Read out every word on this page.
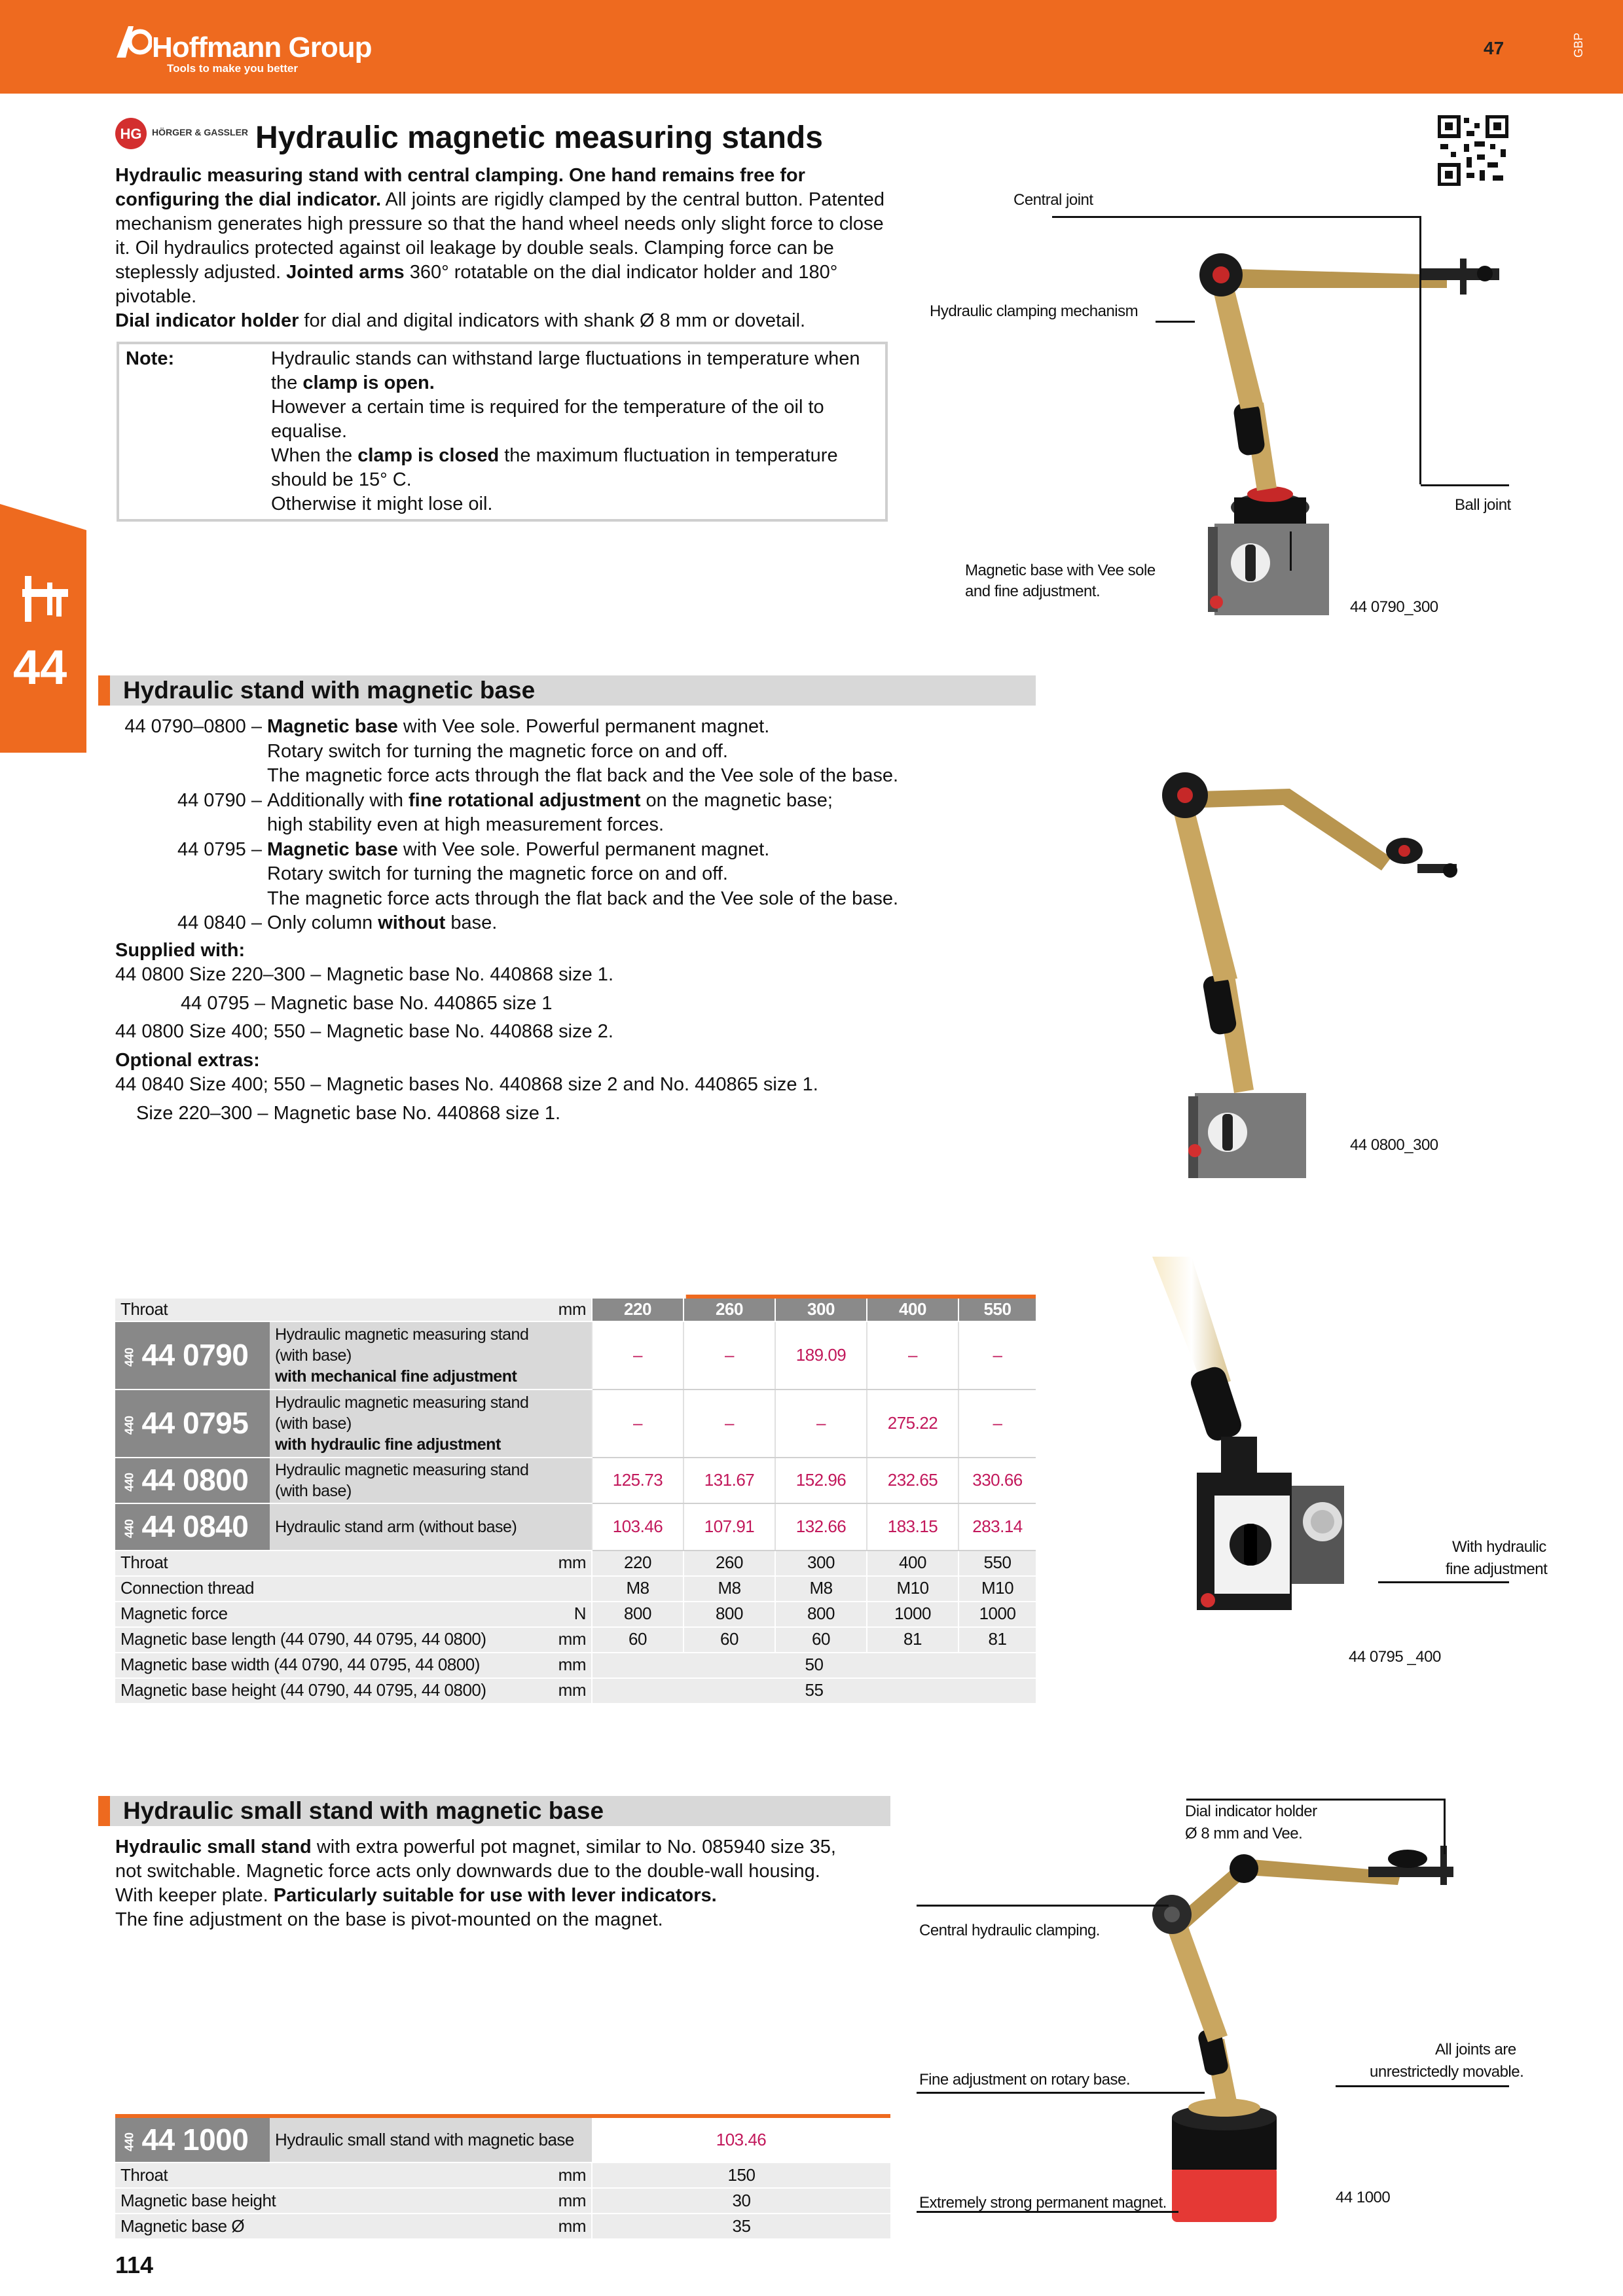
Hoffmann Group
Tools to make you better
47	GBP
44
HG HÖRGER & GASSLER Hydraulic magnetic measuring stands
Hydraulic measuring stand with central clamping. One hand remains free for configuring the dial indicator. All joints are rigidly clamped by the central button. Patented mechanism generates high pressure so that the hand wheel needs only slight force to close it. Oil hydraulics protected against oil leakage by double seals. Clamping force can be steplessly adjusted. Jointed arms 360° rotatable on the dial indicator holder and 180° pivotable.
Dial indicator holder for dial and digital indicators with shank Ø 8 mm or dovetail.
Note:	Hydraulic stands can withstand large fluctuations in temperature when the clamp is open.
However a certain time is required for the temperature of the oil to equalise.
When the clamp is closed the maximum fluctuation in temperature should be 15° C.
Otherwise it might lose oil.
Central joint
Hydraulic clamping mechanism
Ball joint
Magnetic base with Vee sole
and fine adjustment.
44 0790_300
Hydraulic stand with magnetic base
44 0790–0800 – Magnetic base with Vee sole. Powerful permanent magnet.
Rotary switch for turning the magnetic force on and off.
The magnetic force acts through the flat back and the Vee sole of the base.
44 0790 – Additionally with fine rotational adjustment on the magnetic base;
high stability even at high measurement forces.
44 0795 – Magnetic base with Vee sole. Powerful permanent magnet.
Rotary switch for turning the magnetic force on and off.
The magnetic force acts through the flat back and the Vee sole of the base.
44 0840 – Only column without base.
Supplied with:
44 0800 Size 220–300 – Magnetic base No. 440868 size 1.
44 0795 – Magnetic base No. 440865 size 1
44 0800 Size 400; 550 – Magnetic base No. 440868 size 2.
Optional extras:
44 0840 Size 400; 550 – Magnetic bases No. 440868 size 2 and No. 440865 size 1.
Size 220–300 – Magnetic base No. 440868 size 1.
44 0800_300
Throat		mm	220	260	300	400	550
440 44 0790	Hydraulic magnetic measuring stand
(with base)
with mechanical fine adjustment		–	–	189.09	–	–
440 44 0795	Hydraulic magnetic measuring stand
(with base)
with hydraulic fine adjustment		–	–	–	275.22	–
440 44 0800	Hydraulic magnetic measuring stand
(with base)		125.73	131.67	152.96	232.65	330.66
440 44 0840	Hydraulic stand arm (without base)		103.46	107.91	132.66	183.15	283.14
Throat		mm	220	260	300	400	550
Connection thread			M8	M8	M8	M10	M10
Magnetic force		N	800	800	800	1000	1000
Magnetic base length (44 0790, 44 0795, 44 0800)		mm	60	60	60	81	81
Magnetic base width (44 0790, 44 0795, 44 0800)		mm	50				
Magnetic base height (44 0790, 44 0795, 44 0800)		mm	55				
With hydraulic
fine adjustment
44 0795 _400
Hydraulic small stand with magnetic base
Hydraulic small stand with extra powerful pot magnet, similar to No. 085940 size 35, not switchable. Magnetic force acts only downwards due to the double-wall housing. With keeper plate. Particularly suitable for use with lever indicators.
The fine adjustment on the base is pivot-mounted on the magnet.
Dial indicator holder
Ø 8 mm and Vee.
Central hydraulic clamping.
All joints are
unrestrictedly movable.
Fine adjustment on rotary base.
Extremely strong permanent magnet.	44 1000
440 44 1000	Hydraulic small stand with magnetic base		103.46
Throat		mm	150
Magnetic base height		mm	30
Magnetic base Ø		mm	35
114
